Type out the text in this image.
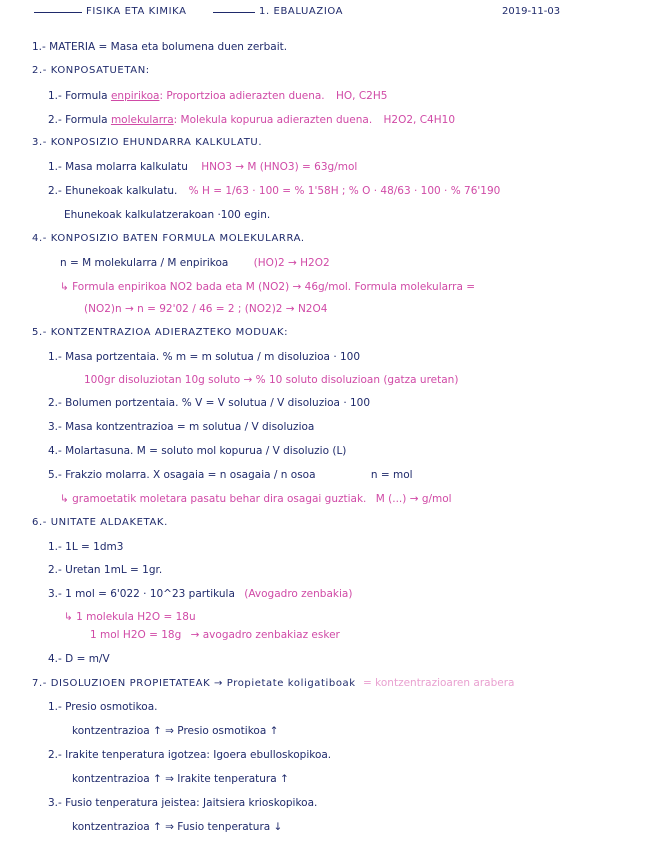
FISIKA ETA KIMIKA	1. EBALUAZIOA	2019-11-03
1.- MATERIA = Masa eta bolumena duen zerbait.
2.- KONPOSATUETAN:
1.- Formula enpirikoa: Proportzioa adierazten duena. HO, C2H5
2.- Formula molekularra: Molekula kopurua adierazten duena. H2O2, C4H10
3.- KONPOSIZIO EHUNDARRA KALKULATU.
1.- Masa molarra kalkulatu HNO3 → M (HNO3) = 63g/mol
2.- Ehunekoak kalkulatu. % H = 1/63 · 100 = % 1'58H ; % O · 48/63 · 100 · % 76'190
Ehunekoak kalkulatzerakoan ·100 egin.
4.- KONPOSIZIO BATEN FORMULA MOLEKULARRA.
n = M molekularra / M enpirikoa (HO)2 → H2O2
↳ Formula enpirikoa NO2 bada eta M (NO2) → 46g/mol. Formula molekularra =
(NO2)n → n = 92'02 / 46 = 2 ; (NO2)2 → N2O4
5.- KONTZENTRAZIOA ADIERAZTEKO MODUAK:
1.- Masa portzentaia. % m = m solutua / m disoluzioa · 100
100gr disoluziotan 10g soluto → % 10 soluto disoluzioan (gatza uretan)
2.- Bolumen portzentaia. % V = V solutua / V disoluzioa · 100
3.- Masa kontzentrazioa = m solutua / V disoluzioa
4.- Molartasuna. M = soluto mol kopurua / V disoluzio (L)
5.- Frakzio molarra. X osagaia = n osagaia / n osoa	n = mol
↳ gramoetatik moletara pasatu behar dira osagai guztiak. M (...) → g/mol
6.- UNITATE ALDAKETAK.
1.- 1L = 1dm3
2.- Uretan 1mL = 1gr.
3.- 1 mol = 6'022 · 10^23 partikula (Avogadro zenbakia)
↳ 1 molekula H2O = 18u
1 mol H2O = 18g → avogadro zenbakiaz esker
4.- D = m/V
7.- DISOLUZIOEN PROPIETATEAK → Propietate koligatiboak = kontzentrazioaren araberа
1.- Presio osmotikoa.
kontzentrazioa ↑ ⇒ Presio osmotikoa ↑
2.- Irakite tenperatura igotzea: Igoera ebulloskopikoa.
kontzentrazioa ↑ ⇒ Irakite tenperatura ↑
3.- Fusio tenperatura jeistea: Jaitsiera krioskopikoa.
kontzentrazioa ↑ ⇒ Fusio tenperatura ↓
